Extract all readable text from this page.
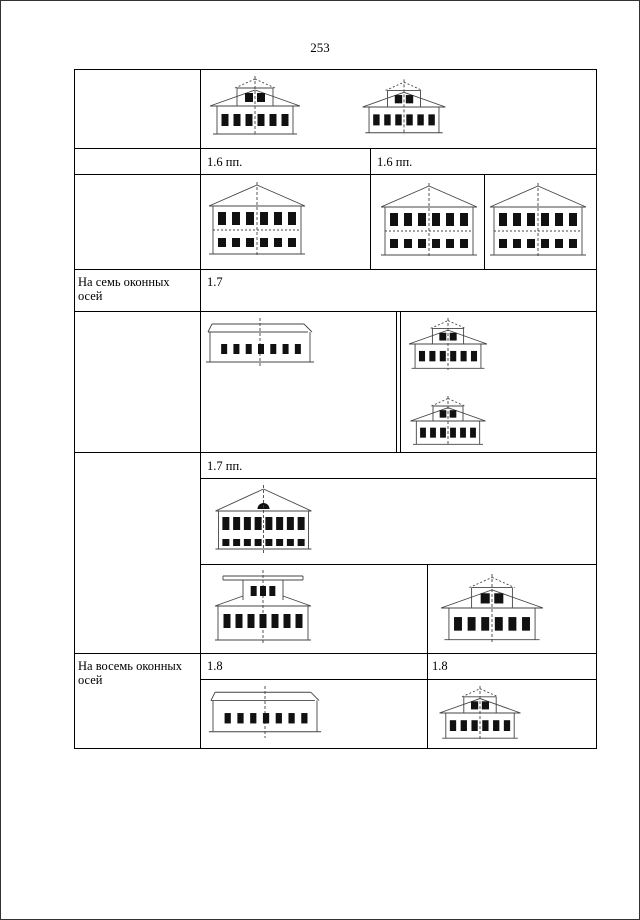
253
1.6 пп.	1.6 пп.
На семь оконных осей
1.7
1.7 пп.
На восемь оконных осей
1.8	1.8
